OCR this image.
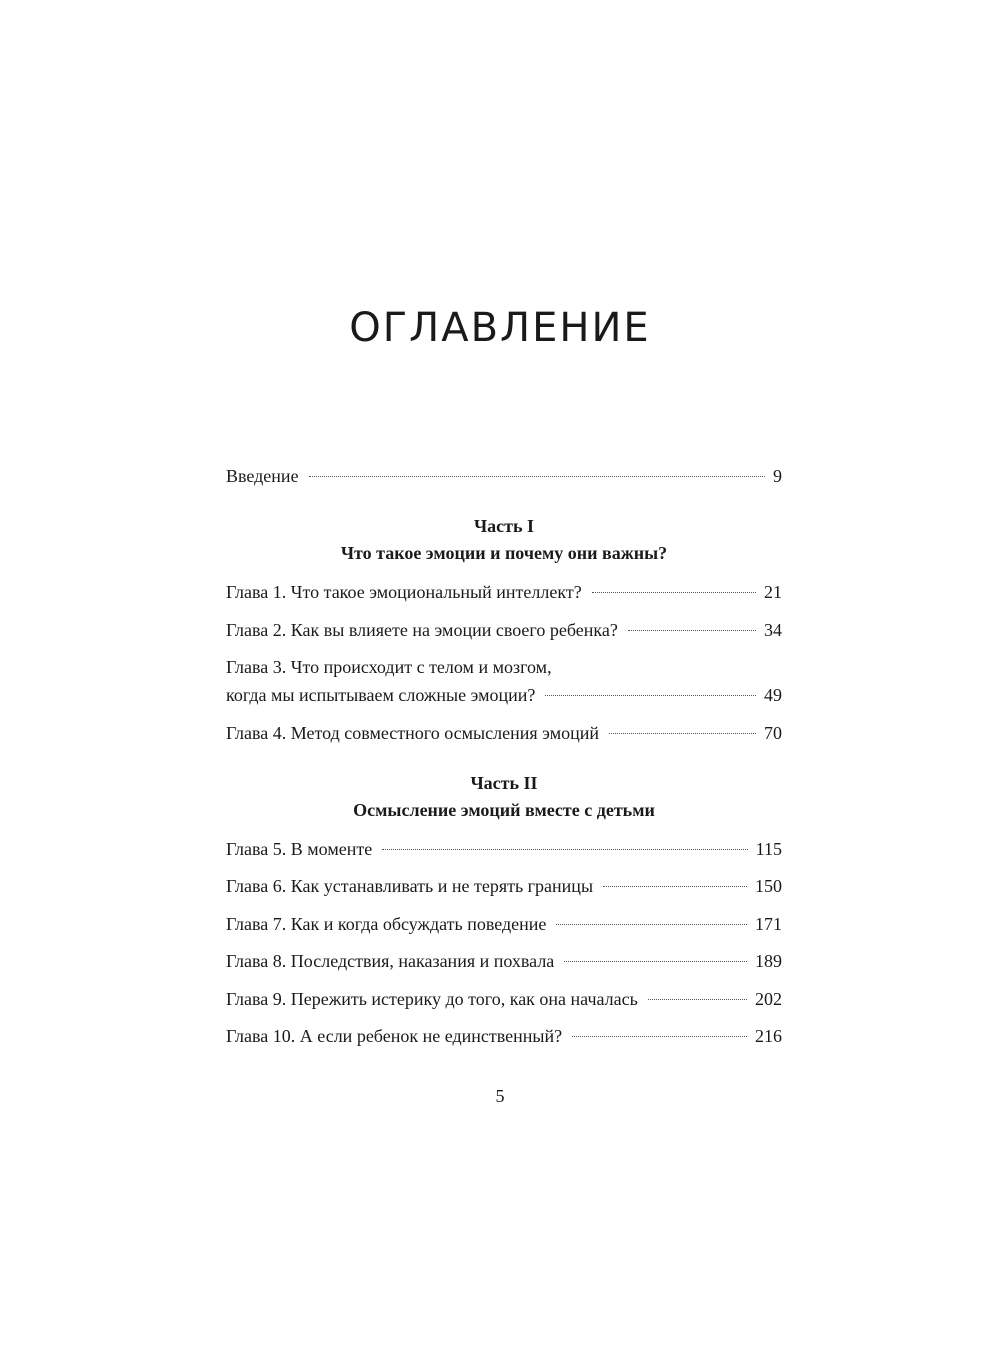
ОГЛАВЛЕНИЕ
Введение	9
Часть I
Что такое эмоции и почему они важны?
Глава 1. Что такое эмоциональный интеллект?	21
Глава 2. Как вы влияете на эмоции своего ребенка?	34
Глава 3. Что происходит с телом и мозгом,
когда мы испытываем сложные эмоции?	49
Глава 4. Метод совместного осмысления эмоций	70
Часть II
Осмысление эмоций вместе с детьми
Глава 5. В моменте	115
Глава 6. Как устанавливать и не терять границы	150
Глава 7. Как и когда обсуждать поведение	171
Глава 8. Последствия, наказания и похвала	189
Глава 9. Пережить истерику до того, как она началась	202
Глава 10. А если ребенок не единственный?	216
5
